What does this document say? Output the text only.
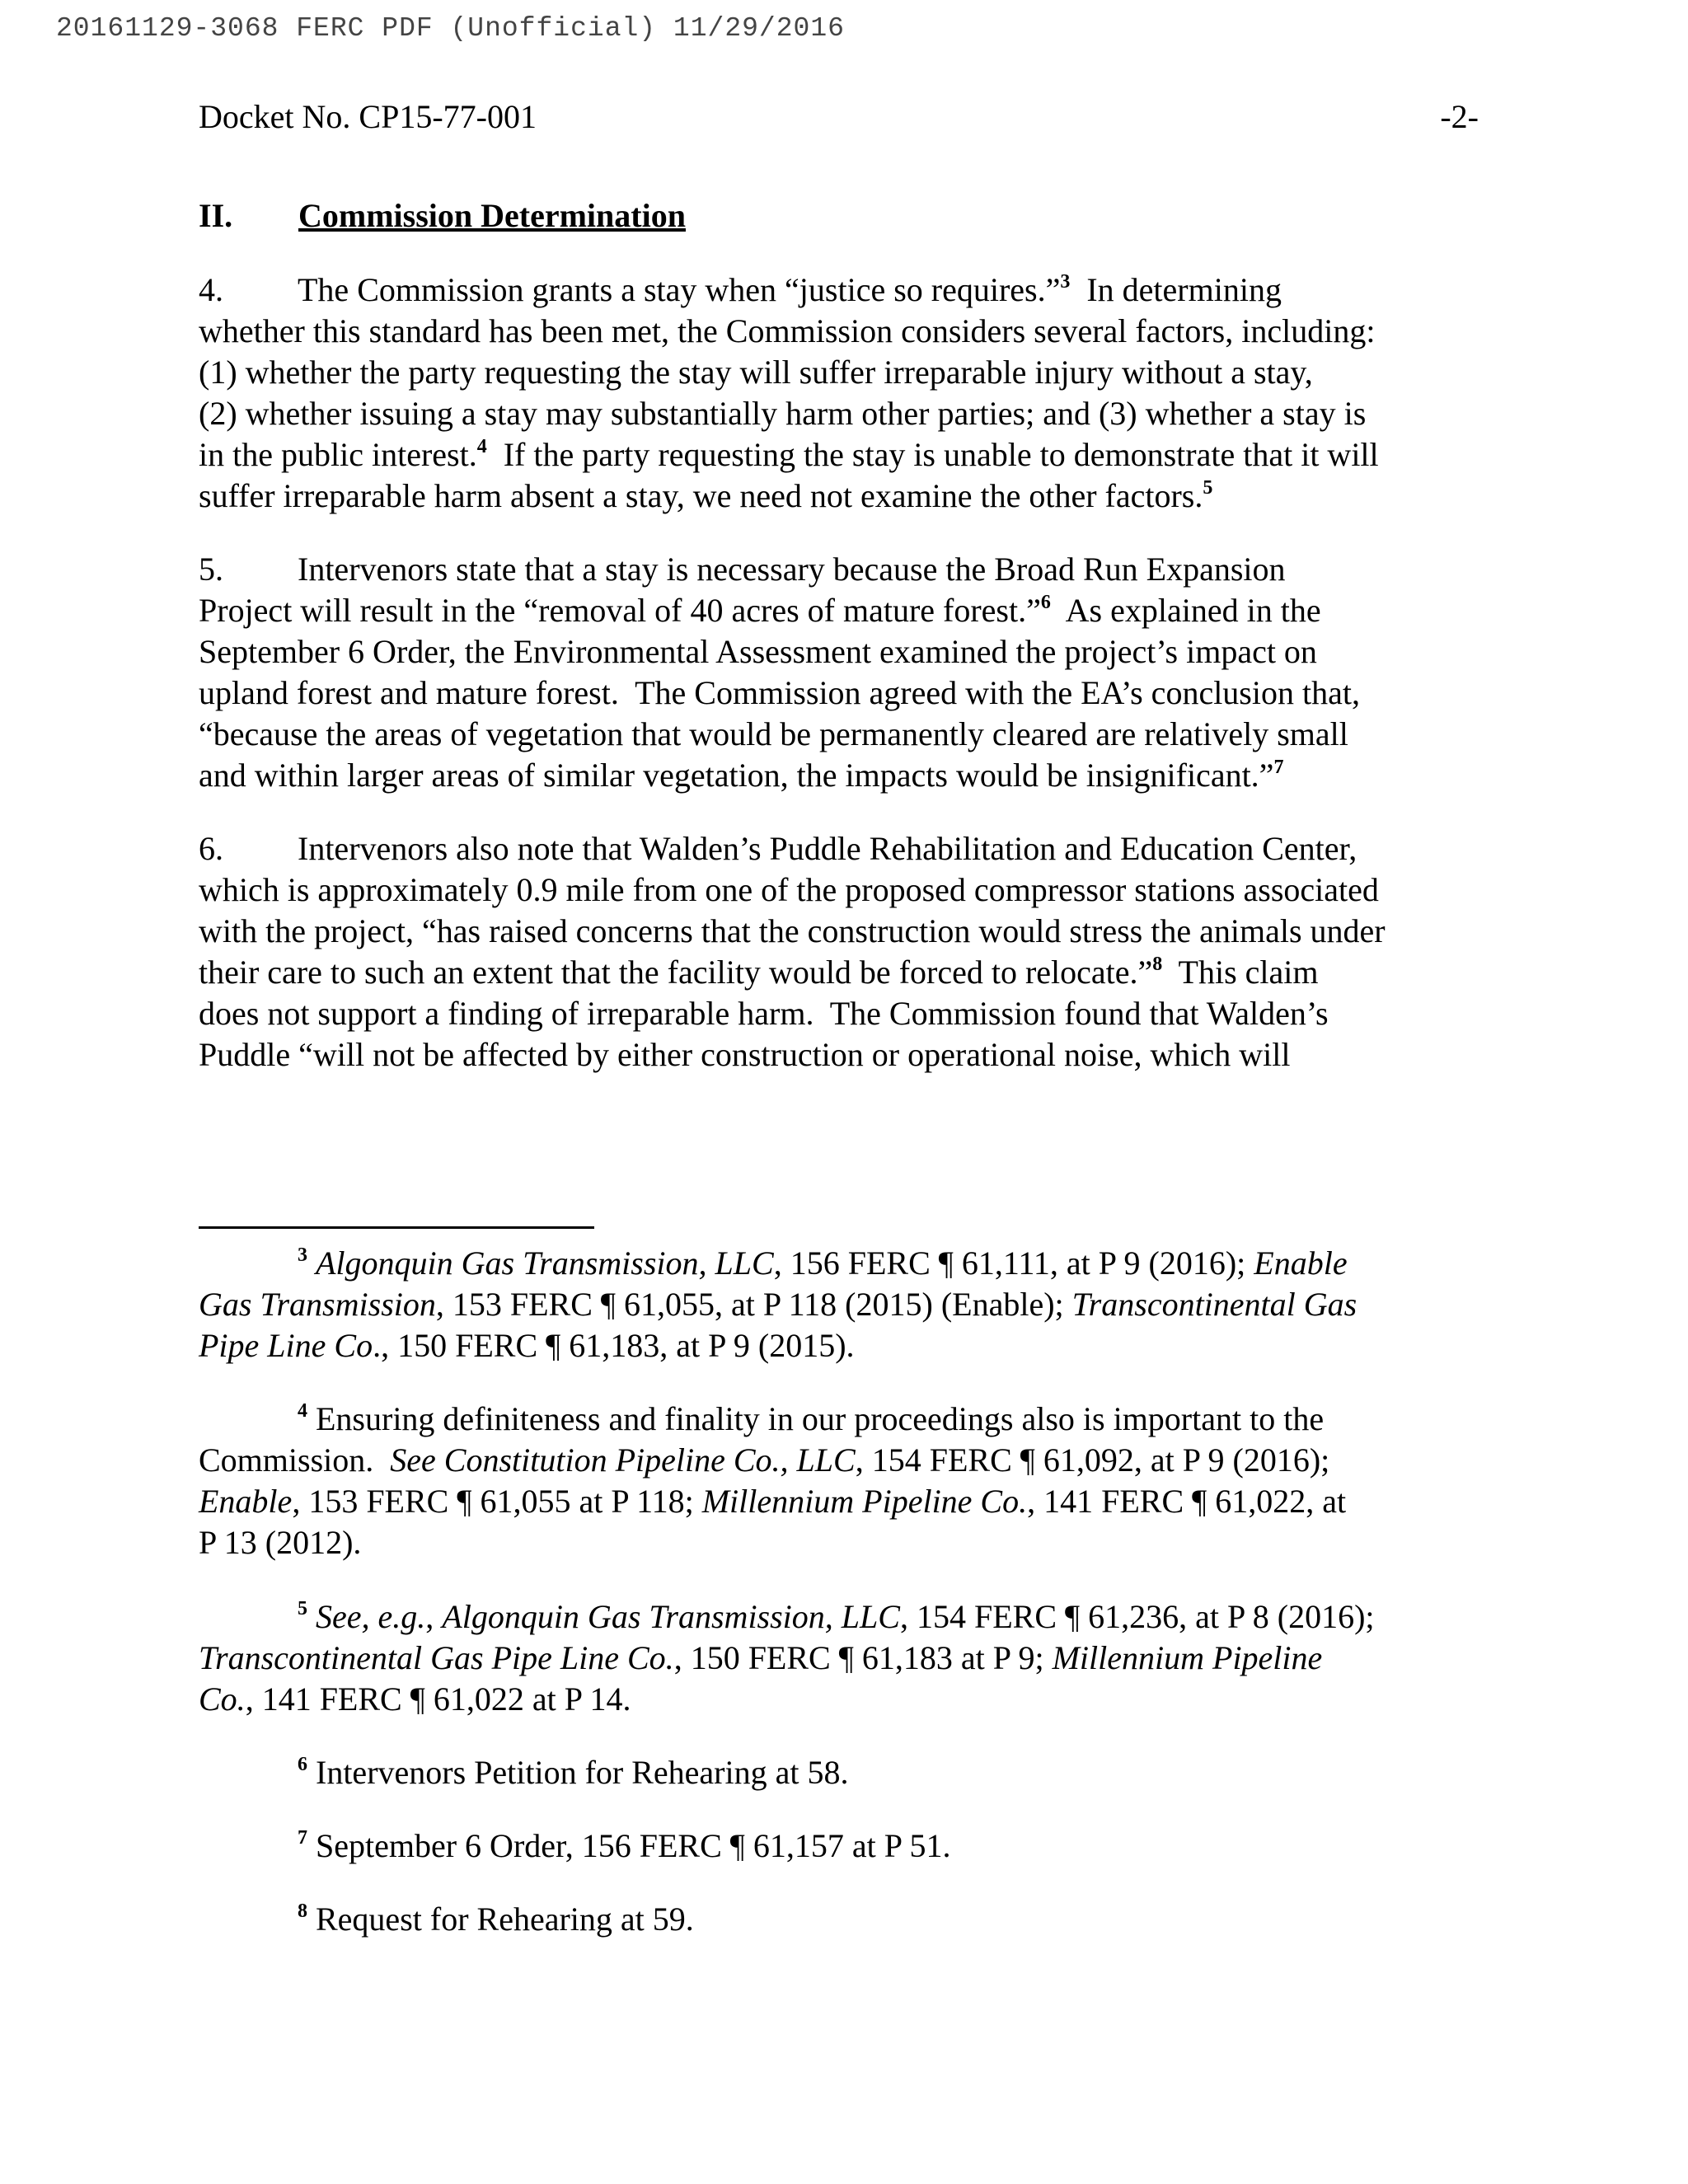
20161129-3068 FERC PDF (Unofficial) 11/29/2016
Docket No. CP15-77-001	-2-
II. Commission Determination
4. The Commission grants a stay when “justice so requires.”$^3$  In determining
whether this standard has been met, the Commission considers several factors, including:
(1) whether the party requesting the stay will suffer irreparable injury without a stay,
(2) whether issuing a stay may substantially harm other parties; and (3) whether a stay is
in the public interest.$^4$  If the party requesting the stay is unable to demonstrate that it will
suffer irreparable harm absent a stay, we need not examine the other factors.$^5$
5. Intervenors state that a stay is necessary because the Broad Run Expansion
Project will result in the “removal of 40 acres of mature forest.”$^6$  As explained in the
September 6 Order, the Environmental Assessment examined the project’s impact on
upland forest and mature forest.  The Commission agreed with the EA’s conclusion that,
“because the areas of vegetation that would be permanently cleared are relatively small
and within larger areas of similar vegetation, the impacts would be insignificant.”$^7$
6. Intervenors also note that Walden’s Puddle Rehabilitation and Education Center,
which is approximately 0.9 mile from one of the proposed compressor stations associated
with the project, “has raised concerns that the construction would stress the animals under
their care to such an extent that the facility would be forced to relocate.”$^8$  This claim
does not support a finding of irreparable harm.  The Commission found that Walden’s
Puddle “will not be affected by either construction or operational noise, which will
$^3$ Algonquin Gas Transmission, LLC, 156 FERC ¶ 61,111, at P 9 (2016); Enable
Gas Transmission, 153 FERC ¶ 61,055, at P 118 (2015) (Enable); Transcontinental Gas
Pipe Line Co., 150 FERC ¶ 61,183, at P 9 (2015).
$^4$ Ensuring definiteness and finality in our proceedings also is important to the
Commission.  See Constitution Pipeline Co., LLC, 154 FERC ¶ 61,092, at P 9 (2016);
Enable, 153 FERC ¶ 61,055 at P 118; Millennium Pipeline Co., 141 FERC ¶ 61,022, at
P 13 (2012).
$^5$ See, e.g., Algonquin Gas Transmission, LLC, 154 FERC ¶ 61,236, at P 8 (2016);
Transcontinental Gas Pipe Line Co., 150 FERC ¶ 61,183 at P 9; Millennium Pipeline
Co., 141 FERC ¶ 61,022 at P 14.
$^6$ Intervenors Petition for Rehearing at 58.
$^7$ September 6 Order, 156 FERC ¶ 61,157 at P 51.
$^8$ Request for Rehearing at 59.
